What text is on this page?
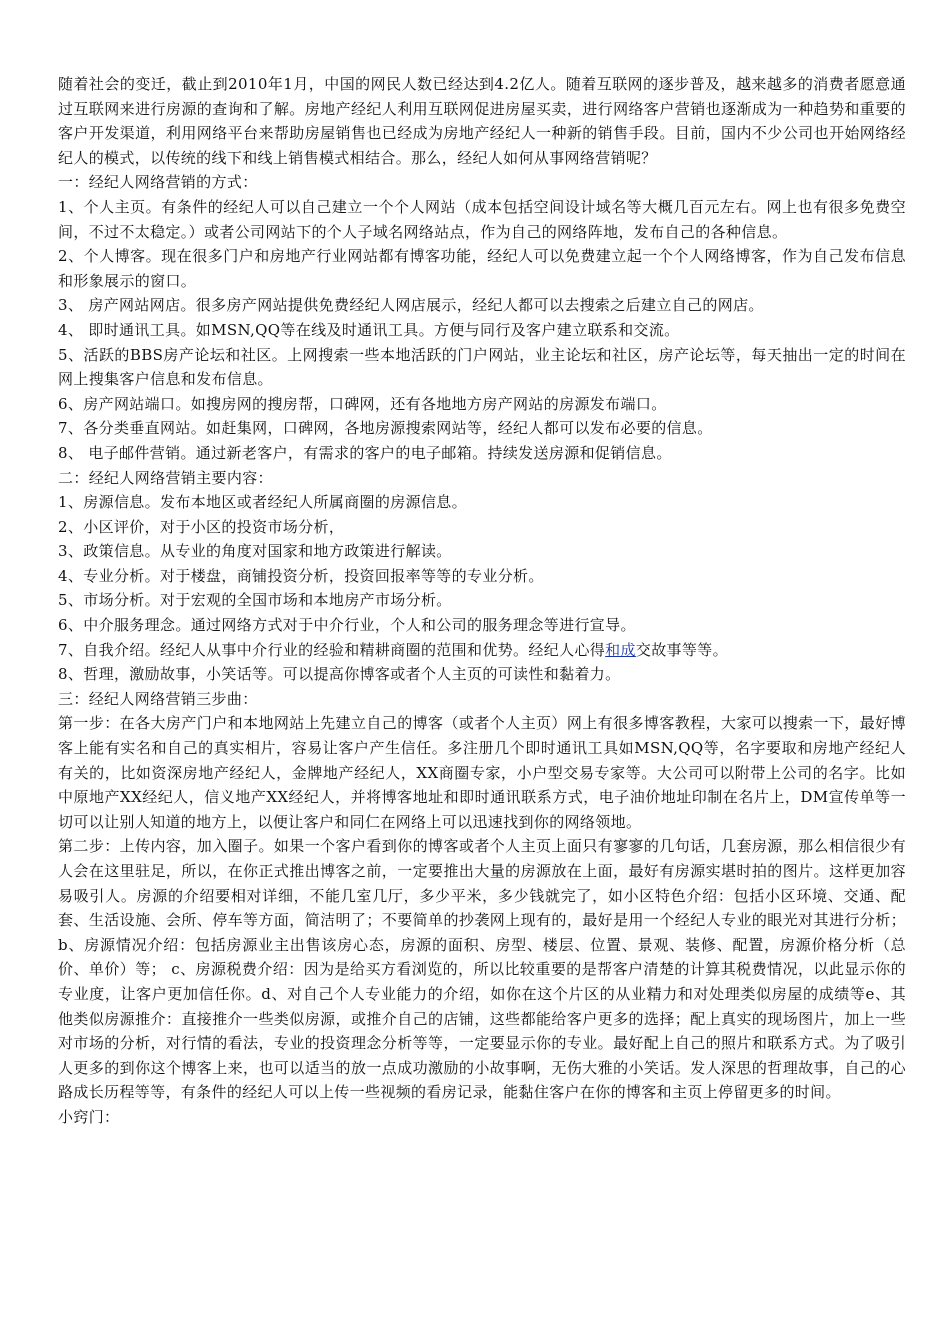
随着社会的变迁，截止到2010年1月，中国的网民人数已经达到4.2亿人。随着互联网的逐步普及，越来越多的消费者愿意通过互联网来进行房源的查询和了解。房地产经纪人利用互联网促进房屋买卖，进行网络客户营销也逐渐成为一种趋势和重要的客户开发渠道，利用网络平台来帮助房屋销售也已经成为房地产经纪人一种新的销售手段。目前，国内不少公司也开始网络经纪人的模式，以传统的线下和线上销售模式相结合。那么，经纪人如何从事网络营销呢？

一：经纪人网络营销的方式：

1、个人主页。有条件的经纪人可以自己建立一个个人网站（成本包括空间设计域名等大概几百元左右。网上也有很多免费空间，不过不太稳定。）或者公司网站下的个人子域名网络站点，作为自己的网络阵地，发布自己的各种信息。

2、个人博客。现在很多门户和房地产行业网站都有博客功能，经纪人可以免费建立起一个个人网络博客，作为自己发布信息和形象展示的窗口。

3、 房产网站网店。很多房产网站提供免费经纪人网店展示，经纪人都可以去搜索之后建立自己的网店。

4、 即时通讯工具。如MSN,QQ等在线及时通讯工具。方便与同行及客户建立联系和交流。

5、活跃的BBS房产论坛和社区。上网搜索一些本地活跃的门户网站，业主论坛和社区，房产论坛等，每天抽出一定的时间在网上搜集客户信息和发布信息。

6、房产网站端口。如搜房网的搜房帮，口碑网，还有各地地方房产网站的房源发布端口。

7、各分类垂直网站。如赶集网，口碑网，各地房源搜索网站等，经纪人都可以发布必要的信息。

8、 电子邮件营销。通过新老客户，有需求的客户的电子邮箱。持续发送房源和促销信息。

二：经纪人网络营销主要内容：

1、房源信息。发布本地区或者经纪人所属商圈的房源信息。

2、小区评价，对于小区的投资市场分析，

3、政策信息。从专业的角度对国家和地方政策进行解读。

4、专业分析。对于楼盘，商铺投资分析，投资回报率等等的专业分析。

5、市场分析。对于宏观的全国市场和本地房产市场分析。

6、中介服务理念。通过网络方式对于中介行业，个人和公司的服务理念等进行宣导。

7、自我介绍。经纪人从事中介行业的经验和精耕商圈的范围和优势。经纪人心得和成交故事等等。

8、哲理，激励故事，小笑话等。可以提高你博客或者个人主页的可读性和黏着力。

三：经纪人网络营销三步曲：

第一步：在各大房产门户和本地网站上先建立自己的博客（或者个人主页）网上有很多博客教程，大家可以搜索一下，最好博客上能有实名和自己的真实相片，容易让客户产生信任。多注册几个即时通讯工具如MSN,QQ等，名字要取和房地产经纪人有关的，比如资深房地产经纪人，金牌地产经纪人，XX商圈专家，小户型交易专家等。大公司可以附带上公司的名字。比如中原地产XX经纪人，信义地产XX经纪人，并将博客地址和即时通讯联系方式，电子油价地址印制在名片上，DM宣传单等一切可以让别人知道的地方上，以便让客户和同仁在网络上可以迅速找到你的网络领地。

第二步：上传内容，加入圈子。如果一个客户看到你的博客或者个人主页上面只有寥寥的几句话，几套房源，那么相信很少有人会在这里驻足，所以，在你正式推出博客之前，一定要推出大量的房源放在上面，最好有房源实堪时拍的图片。这样更加容易吸引人。房源的介绍要相对详细，不能几室几厅，多少平米，多少钱就完了，如小区特色介绍：包括小区环境、交通、配套、生活设施、会所、停车等方面，简洁明了；不要简单的抄袭网上现有的，最好是用一个经纪人专业的眼光对其进行分析； b、房源情况介绍：包括房源业主出售该房心态，房源的面积、房型、楼层、位置、景观、装修、配置，房源价格分析（总价、单价）等； c、房源税费介绍：因为是给买方看浏览的，所以比较重要的是帮客户清楚的计算其税费情况，以此显示你的专业度，让客户更加信任你。d、对自己个人专业能力的介绍，如你在这个片区的从业精力和对处理类似房屋的成绩等e、其他类似房源推介：直接推介一些类似房源，或推介自己的店铺，这些都能给客户更多的选择；配上真实的现场图片，加上一些对市场的分析，对行情的看法，专业的投资理念分析等等，一定要显示你的专业。最好配上自己的照片和联系方式。为了吸引人更多的到你这个博客上来，也可以适当的放一点成功激励的小故事啊，无伤大雅的小笑话。发人深思的哲理故事，自己的心路成长历程等等，有条件的经纪人可以上传一些视频的看房记录，能黏住客户在你的博客和主页上停留更多的时间。

小窍门：
